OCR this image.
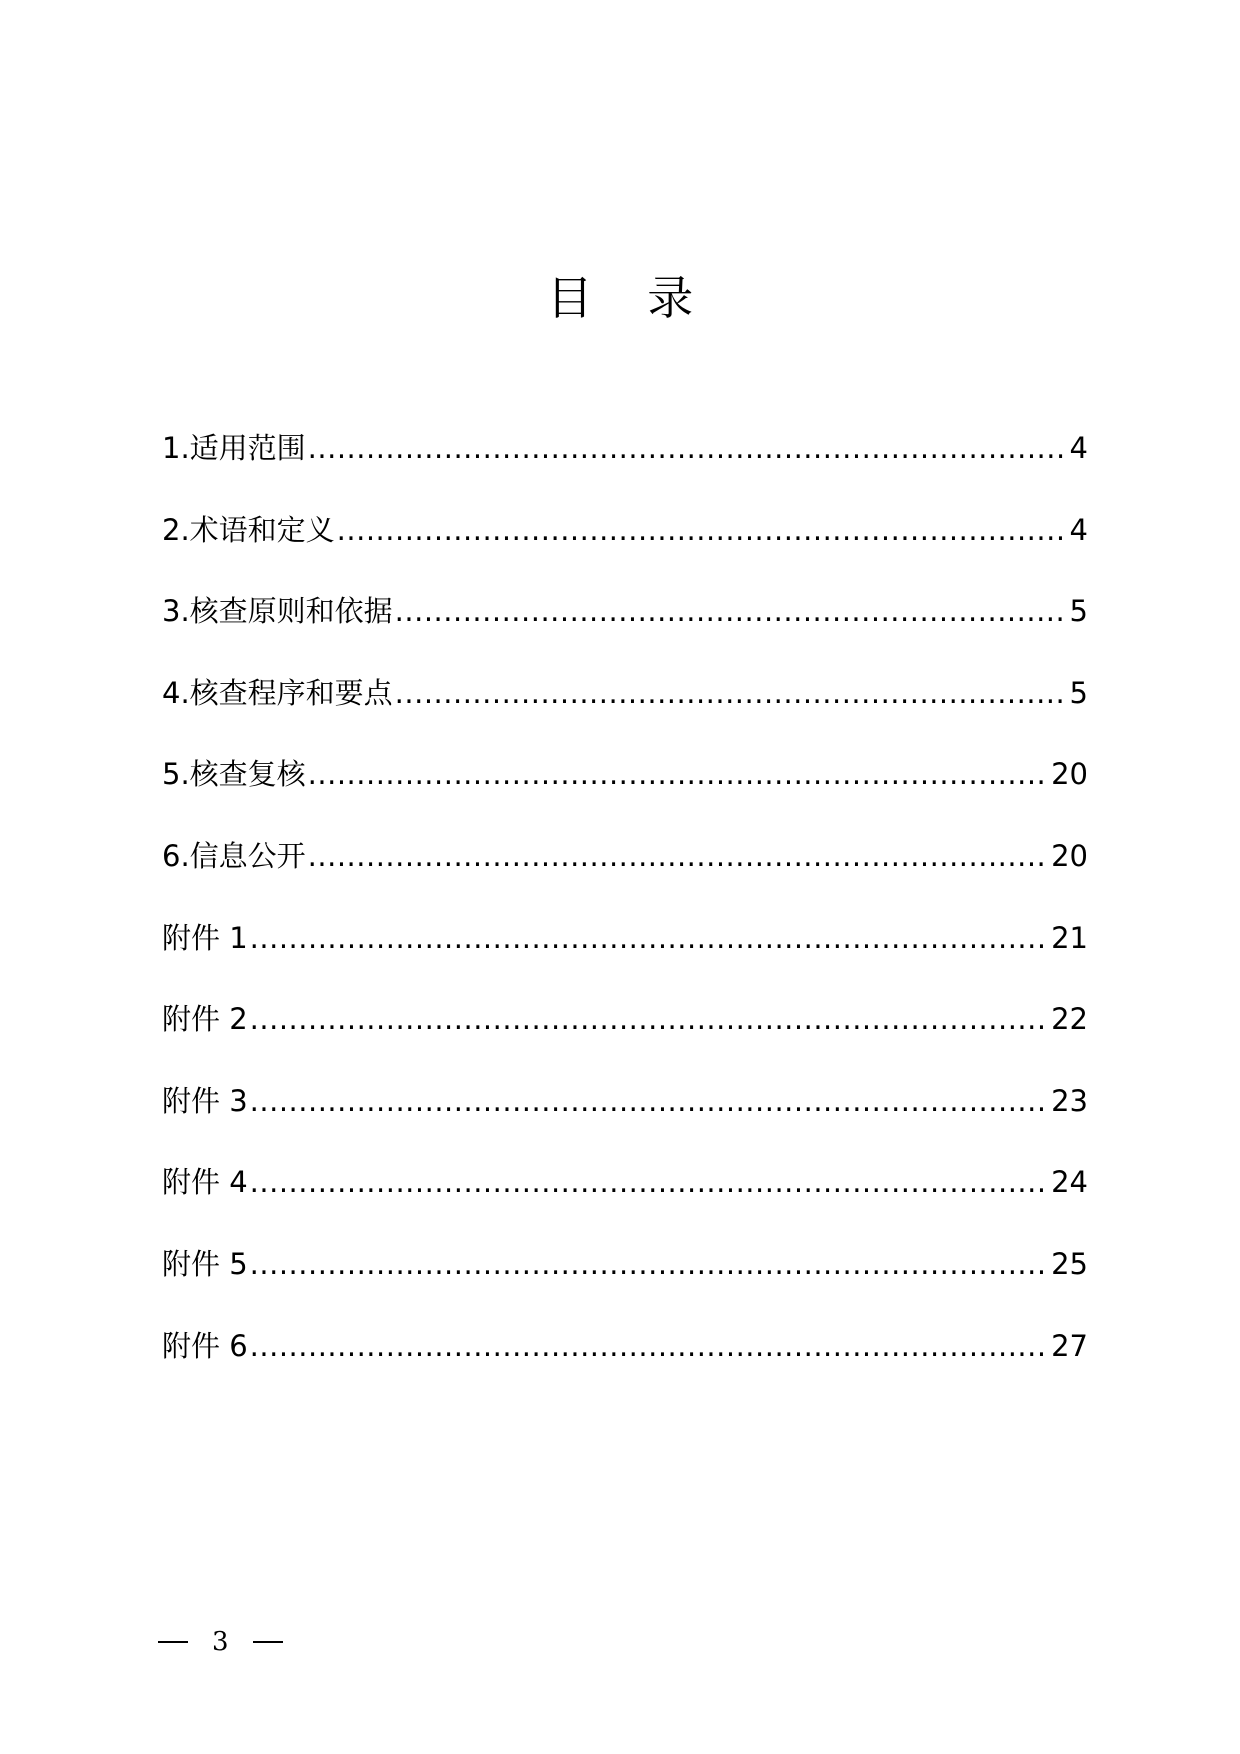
目 录
1.适用范围 .....	4
2.术语和定义 .....	4
3.核查原则和依据 .....	5
4.核查程序和要点 .....	5
5.核查复核 .....	20
6.信息公开 .....	20
附件 1 .....	21
附件 2 .....	22
附件 3 .....	23
附件 4 .....	24
附件 5 .....	25
附件 6 .....	27
3
